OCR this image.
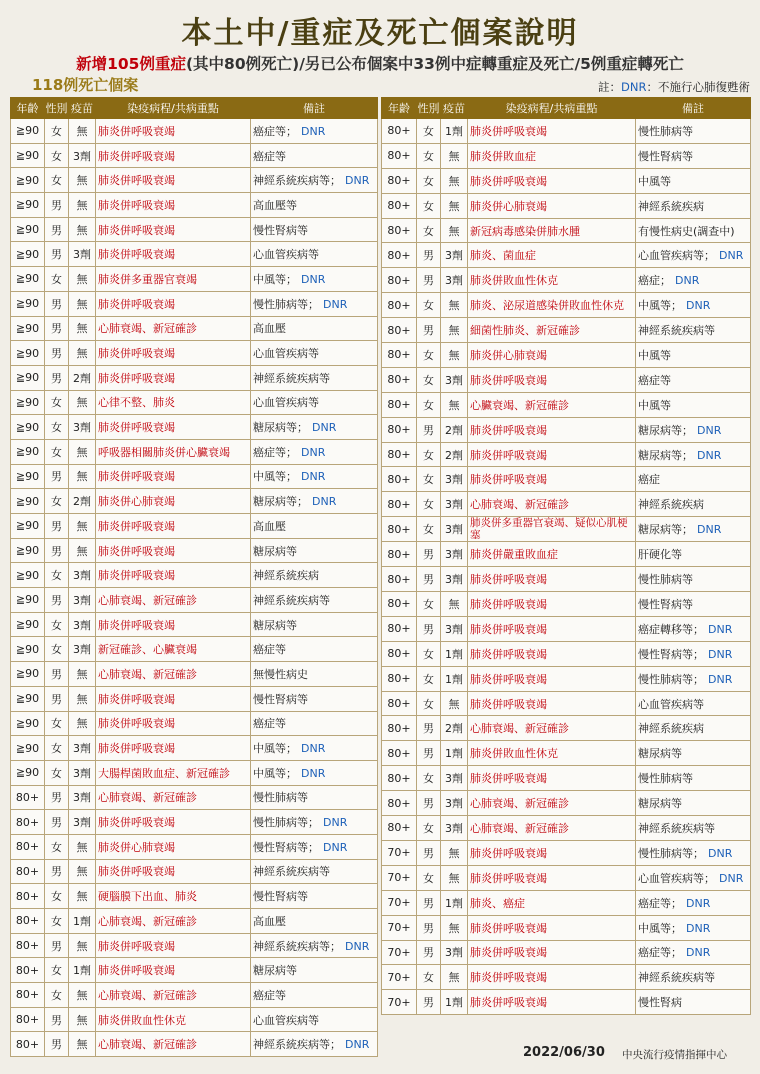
本土中/重症及死亡個案說明
新增105例重症(其中80例死亡)/另已公布個案中33例中症轉重症及死亡/5例重症轉死亡
118例死亡個案	註：DNR：不施行心肺復甦術
年齡	性別	疫苗	染疫病程/共病重點	備註
≧90	女	無	肺炎併呼吸衰竭	癌症等； DNR
≧90	女	3劑	肺炎併呼吸衰竭	癌症等
≧90	女	無	肺炎併呼吸衰竭	神經系統疾病等； DNR
≧90	男	無	肺炎併呼吸衰竭	高血壓等
≧90	男	無	肺炎併呼吸衰竭	慢性腎病等
≧90	男	3劑	肺炎併呼吸衰竭	心血管疾病等
≧90	女	無	肺炎併多重器官衰竭	中風等； DNR
≧90	男	無	肺炎併呼吸衰竭	慢性肺病等； DNR
≧90	男	無	心肺衰竭、新冠確診	高血壓
≧90	男	無	肺炎併呼吸衰竭	心血管疾病等
≧90	男	2劑	肺炎併呼吸衰竭	神經系統疾病等
≧90	女	無	心律不整、肺炎	心血管疾病等
≧90	女	3劑	肺炎併呼吸衰竭	糖尿病等； DNR
≧90	女	無	呼吸器相關肺炎併心臟衰竭	癌症等； DNR
≧90	男	無	肺炎併呼吸衰竭	中風等； DNR
≧90	女	2劑	肺炎併心肺衰竭	糖尿病等； DNR
≧90	男	無	肺炎併呼吸衰竭	高血壓
≧90	男	無	肺炎併呼吸衰竭	糖尿病等
≧90	女	3劑	肺炎併呼吸衰竭	神經系統疾病
≧90	男	3劑	心肺衰竭、新冠確診	神經系統疾病等
≧90	女	3劑	肺炎併呼吸衰竭	糖尿病等
≧90	女	3劑	新冠確診、心臟衰竭	癌症等
≧90	男	無	心肺衰竭、新冠確診	無慢性病史
≧90	男	無	肺炎併呼吸衰竭	慢性腎病等
≧90	女	無	肺炎併呼吸衰竭	癌症等
≧90	女	3劑	肺炎併呼吸衰竭	中風等； DNR
≧90	女	3劑	大腸桿菌敗血症、新冠確診	中風等； DNR
80+	男	3劑	心肺衰竭、新冠確診	慢性肺病等
80+	男	3劑	肺炎併呼吸衰竭	慢性肺病等； DNR
80+	女	無	肺炎併心肺衰竭	慢性腎病等； DNR
80+	男	無	肺炎併呼吸衰竭	神經系統疾病等
80+	女	無	硬腦膜下出血、肺炎	慢性腎病等
80+	女	1劑	心肺衰竭、新冠確診	高血壓
80+	男	無	肺炎併呼吸衰竭	神經系統疾病等； DNR
80+	女	1劑	肺炎併呼吸衰竭	糖尿病等
80+	女	無	心肺衰竭、新冠確診	癌症等
80+	男	無	肺炎併敗血性休克	心血管疾病等
80+	男	無	心肺衰竭、新冠確診	神經系統疾病等； DNR
年齡	性別	疫苗	染疫病程/共病重點	備註
80+	女	1劑	肺炎併呼吸衰竭	慢性肺病等
80+	女	無	肺炎併敗血症	慢性腎病等
80+	女	無	肺炎併呼吸衰竭	中風等
80+	女	無	肺炎併心肺衰竭	神經系統疾病
80+	女	無	新冠病毒感染併肺水腫	有慢性病史(調查中)
80+	男	3劑	肺炎、菌血症	心血管疾病等； DNR
80+	男	3劑	肺炎併敗血性休克	癌症； DNR
80+	女	無	肺炎、泌尿道感染併敗血性休克	中風等； DNR
80+	男	無	細菌性肺炎、新冠確診	神經系統疾病等
80+	女	無	肺炎併心肺衰竭	中風等
80+	女	3劑	肺炎併呼吸衰竭	癌症等
80+	女	無	心臟衰竭、新冠確診	中風等
80+	男	2劑	肺炎併呼吸衰竭	糖尿病等； DNR
80+	女	2劑	肺炎併呼吸衰竭	糖尿病等； DNR
80+	女	3劑	肺炎併呼吸衰竭	癌症
80+	女	3劑	心肺衰竭、新冠確診	神經系統疾病
80+	女	3劑	肺炎併多重器官衰竭、疑似心肌梗塞	糖尿病等； DNR
80+	男	3劑	肺炎併嚴重敗血症	肝硬化等
80+	男	3劑	肺炎併呼吸衰竭	慢性肺病等
80+	女	無	肺炎併呼吸衰竭	慢性腎病等
80+	男	3劑	肺炎併呼吸衰竭	癌症轉移等； DNR
80+	女	1劑	肺炎併呼吸衰竭	慢性腎病等； DNR
80+	女	1劑	肺炎併呼吸衰竭	慢性肺病等； DNR
80+	女	無	肺炎併呼吸衰竭	心血管疾病等
80+	男	2劑	心肺衰竭、新冠確診	神經系統疾病
80+	男	1劑	肺炎併敗血性休克	糖尿病等
80+	女	3劑	肺炎併呼吸衰竭	慢性肺病等
80+	男	3劑	心肺衰竭、新冠確診	糖尿病等
80+	女	3劑	心肺衰竭、新冠確診	神經系統疾病等
70+	男	無	肺炎併呼吸衰竭	慢性肺病等； DNR
70+	女	無	肺炎併呼吸衰竭	心血管疾病等； DNR
70+	男	1劑	肺炎、癌症	癌症等； DNR
70+	男	無	肺炎併呼吸衰竭	中風等； DNR
70+	男	3劑	肺炎併呼吸衰竭	癌症等； DNR
70+	女	無	肺炎併呼吸衰竭	神經系統疾病等
70+	男	1劑	肺炎併呼吸衰竭	慢性腎病
2022/06/30 中央流行疫情指揮中心
